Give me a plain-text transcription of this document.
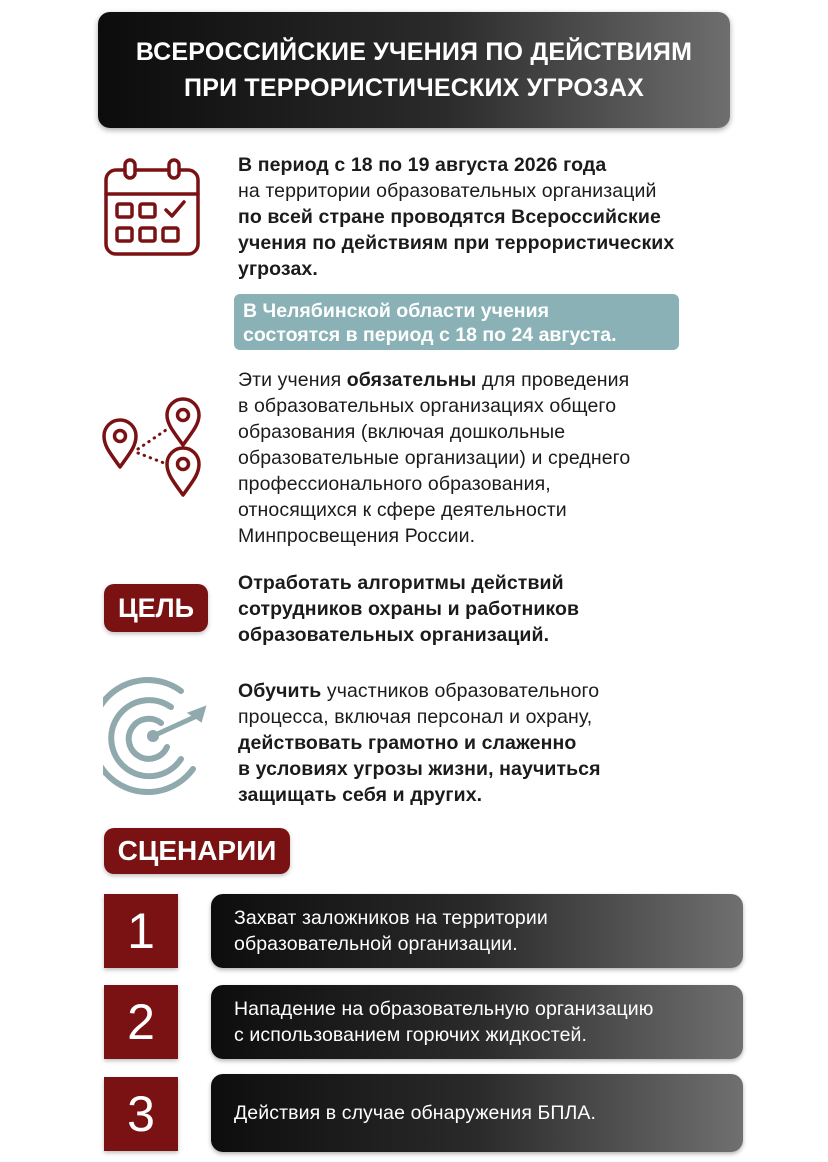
ВСЕРОССИЙСКИЕ УЧЕНИЯ ПО ДЕЙСТВИЯМ
ПРИ ТЕРРОРИСТИЧЕСКИХ УГРОЗАХ
В период с 18 по 19 августа 2026 года
на территории образовательных организаций
по всей стране проводятся Всероссийские
учения по действиям при террористических
угрозах.
В Челябинской области учения
состоятся в период с 18 по 24 августа.
Эти учения обязательны для проведения
в образовательных организациях общего
образования (включая дошкольные
образовательные организации) и среднего
профессионального образования,
относящихся к сфере деятельности
Минпросвещения России.
ЦЕЛЬ
Отработать алгоритмы действий
сотрудников охраны и работников
образовательных организаций.
Обучить участников образовательного
процесса, включая персонал и охрану,
действовать грамотно и слаженно
в условиях угрозы жизни, научиться
защищать себя и других.
СЦЕНАРИИ
1	Захват заложников на территории
образовательной организации.
2	Нападение на образовательную организацию
с использованием горючих жидкостей.
3	Действия в случае обнаружения БПЛА.
